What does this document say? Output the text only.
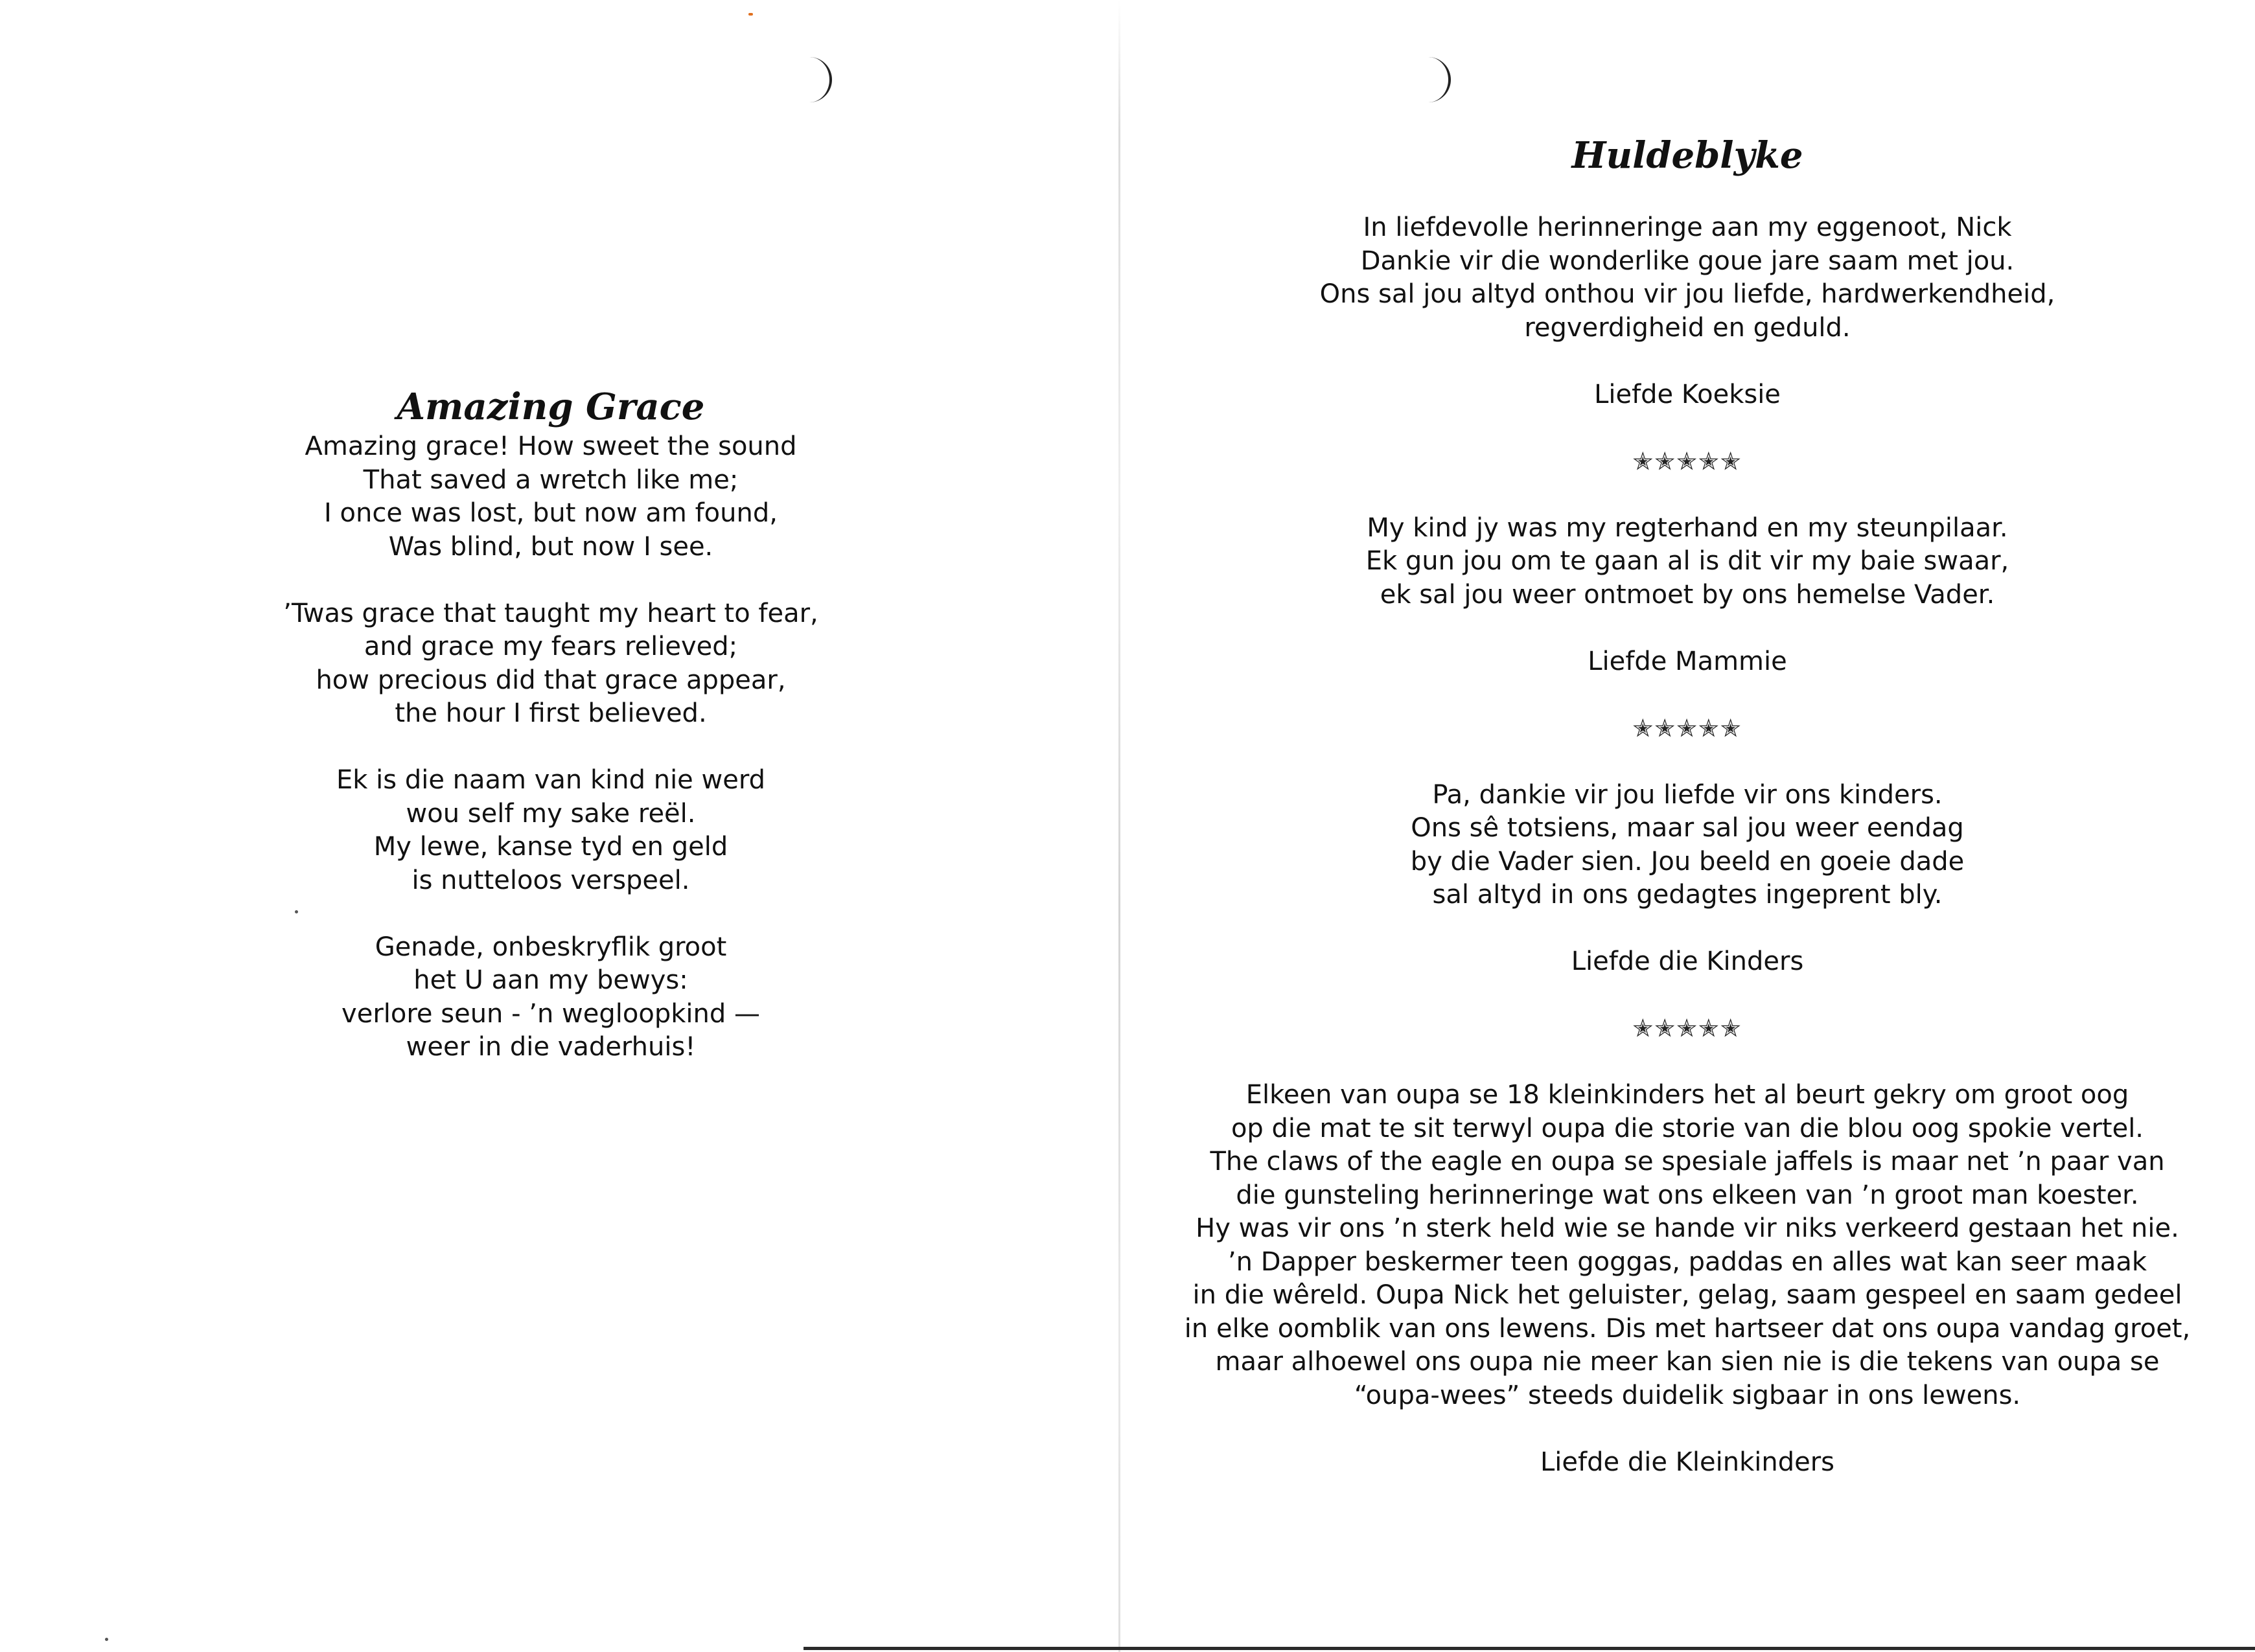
Amazing Grace

Amazing grace! How sweet the sound

That saved a wretch like me;

I once was lost, but now am found,

Was blind, but now I see.

’Twas grace that taught my heart to fear,

and grace my fears relieved;

how precious did that grace appear,

the hour I first believed.

Ek is die naam van kind nie werd

wou self my sake reël.

My lewe, kanse tyd en geld

is nutteloos verspeel.

Genade, onbeskryflik groot

het U aan my bewys:

verlore seun - ’n wegloopkind —

weer in die vaderhuis!

Huldeblyke

In liefdevolle herinneringe aan my eggenoot, Nick

Dankie vir die wonderlike goue jare saam met jou.

Ons sal jou altyd onthou vir jou liefde, hardwerkendheid,

regverdigheid en geduld.

Liefde Koeksie

✭✭✭✭✭

My kind jy was my regterhand en my steunpilaar.

Ek gun jou om te gaan al is dit vir my baie swaar,

ek sal jou weer ontmoet by ons hemelse Vader.

Liefde Mammie

✭✭✭✭✭

Pa, dankie vir jou liefde vir ons kinders.

Ons sê totsiens, maar sal jou weer eendag

by die Vader sien. Jou beeld en goeie dade

sal altyd in ons gedagtes ingeprent bly.

Liefde die Kinders

✭✭✭✭✭

Elkeen van oupa se 18 kleinkinders het al beurt gekry om groot oog

op die mat te sit terwyl oupa die storie van die blou oog spokie vertel.

The claws of the eagle en oupa se spesiale jaffels is maar net ’n paar van

die gunsteling herinneringe wat ons elkeen van ’n groot man koester.

Hy was vir ons ’n sterk held wie se hande vir niks verkeerd gestaan het nie.

’n Dapper beskermer teen goggas, paddas en alles wat kan seer maak

in die wêreld. Oupa Nick het geluister, gelag, saam gespeel en saam gedeel

in elke oomblik van ons lewens. Dis met hartseer dat ons oupa vandag groet,

maar alhoewel ons oupa nie meer kan sien nie is die tekens van oupa se

“oupa-wees” steeds duidelik sigbaar in ons lewens.

Liefde die Kleinkinders
